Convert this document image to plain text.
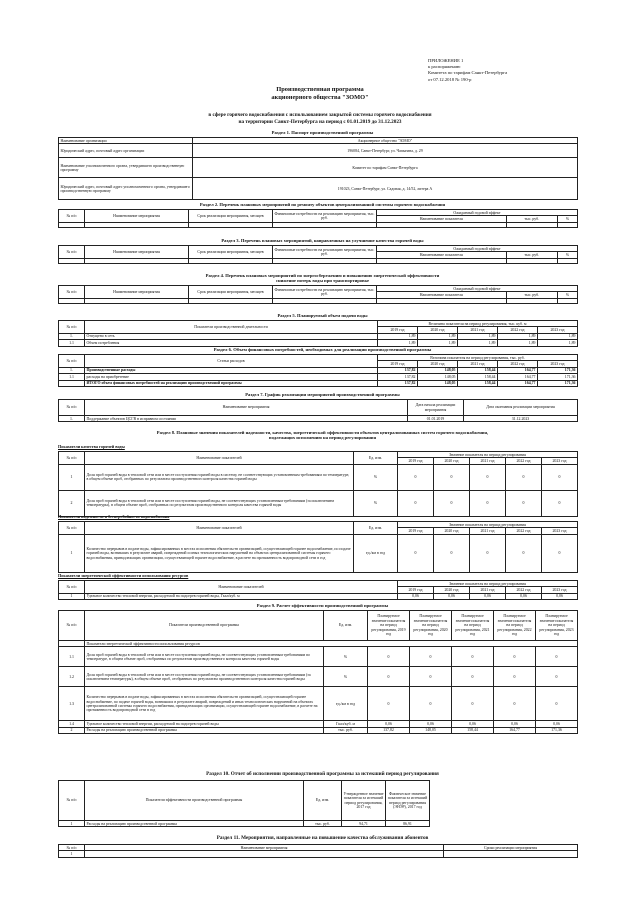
ПРИЛОЖЕНИЕ 1
к распоряжению
Комитета по тарифам Санкт-Петербурга
от 07.12.2018 № 190-р
Производственная программа
акционерного общества "ЗОМО"
в сфере горячего водоснабжения с использованием закрытой системы горячего водоснабжения
на территории Санкт-Петербурга на период с 01.01.2019 до 31.12.2023
Раздел 1. Паспорт производственной программы
Наименование организации	Акционерное общество "ЗОМО"
Юридический адрес, почтовый адрес организации	196084, Санкт-Петербург, ул. Чапыгина, д. 29
Наименование уполномоченного органа, утвердившего производственную программу	Комитет по тарифам Санкт-Петербурга
Юридический адрес, почтовый адрес уполномоченного органа, утвердившего производственную программу	191023, Санкт-Петербург, ул. Садовая, д. 14/52, литера А
Раздел 2. Перечень плановых мероприятий по ремонту объектов централизованной системы горячего водоснабжения
№ п/п	Наименование мероприятия	Срок реализации мероприятия, месяцев	Финансовые потребности на реализацию мероприятия, тыс. руб.	Ожидаемый годовой эффект		
				Наименование показателя	тыс. руб.	%

Раздел 3. Перечень плановых мероприятий, направленных на улучшение качества горячей воды
№ п/п	Наименование мероприятия	Срок реализации мероприятия, месяцев	Финансовые потребности на реализацию мероприятия, тыс. руб.	Ожидаемый годовой эффект		
				Наименование показателя	тыс. руб.	%

Раздел 4. Перечень плановых мероприятий по энергосбережению и повышению энергетической эффективности
снижение потерь воды при транспортировке
№ п/п	Наименование мероприятия	Срок реализации мероприятия, месяцев	Финансовые потребности на реализацию мероприятия, тыс. руб.	Ожидаемый годовой эффект		
				Наименование показателя	тыс. руб.	%

Раздел 5. Планируемый объем подачи воды
№ п/п	Показатели производственной деятельности	Величина показателя на период регулирования, тыс. куб. м				
		2019 год	2020 год	2021 год	2022 год	2023 год
1.	Отпущено в сеть	1,89	1,89	1,89	1,89	1,89
1.1	Объем потребления	1,89	1,89	1,89	1,89	1,89
Раздел 6. Объем финансовых потребностей, необходимых для реализации производственной программы
№ п/п	Статьи расходов	Величина показателя на период регулирования, тыс. руб.				
		2019 год	2020 год	2021 год	2022 год	2023 год
1.	Производственные расходы	137,82	148,05	158,44	164,77	171,36
1.1	расходы на приобретение	137,82	148,05	158,44	164,77	171,36
	ИТОГО объем финансовых потребностей на реализацию производственной программы	137,82	148,05	158,44	164,77	171,36
Раздел 7. График реализации мероприятий производственной программы
№ п/п	Наименование мероприятия	Дата начала реализации мероприятия	Дата окончания реализации мероприятия
1.	Поддержание объектов ЦСГВ в исправном состоянии	01.01.2019	31.12.2023
Раздел 8. Плановые значения показателей надежности, качества, энергетической эффективности объектов централизованных систем горячего водоснабжения,
подлежащих исполнению на период регулирования
Показатели качества горячей воды
№ п/п	Наименование показателей	Ед. изм.	Значение показателя на период регулирования				
			2019 год	2020 год	2021 год	2022 год	2023 год
1	Доля проб горячей воды в тепловой сети или в месте поступления горячей воды в систему, не соответствующих установленным требованиям по температуре, в общем объеме проб, отобранных по результатам производственного контроля качества горячей воды	%	0	0	0	0	0
2	Доля проб горячей воды в тепловой сети или в месте поступления горячей воды, не соответствующих установленным требованиям (за исключением температуры), в общем объеме проб, отобранных по результатам производственного контроля качества горячей воды	%	0	0	0	0	0
Показатели надежности и бесперебойности водоснабжения
№ п/п	Наименование показателей	Ед. изм.	Значение показателя на период регулирования				
			2019 год	2020 год	2021 год	2022 год	2023 год
1	Количество перерывов в подаче воды, зафиксированных в местах исполнения обязательств организацией, осуществляющей горячее водоснабжение, по подаче горячей воды, возникших в результате аварий, повреждений и иных технологических нарушений на объектах централизованной системы горячего водоснабжения, принадлежащих организации, осуществляющей горячее водоснабжение, в расчете на протяженность водопроводной сети в год	ед./км в год	0	0	0	0	0
Показатели энергетической эффективности использования ресурсов
№ п/п	Наименование показателей	Значение показателя на период регулирования				
		2019 год	2020 год	2021 год	2022 год	2023 год
1	Удельное количество тепловой энергии, расходуемой на подогрев горячей воды, Гкал/куб. м	0,06	0,06	0,06	0,06	0,06
Раздел 9. Расчет эффективности производственной программы
№ п/п	Показатели производственной программы	Ед. изм.	Планируемое значение показателя на период регулирования, 2019 год	Планируемое значение показателя на период регулирования, 2020 год	Планируемое значение показателя на период регулирования, 2021 год	Планируемое значение показателя на период регулирования, 2022 год	Планируемое значение показателя на период регулирования, 2023 год
	Показатели энергетической эффективности использования ресурсов						
1.1	Доля проб горячей воды в тепловой сети или в месте поступления горячей воды, не соответствующих установленным требованиям по температуре, в общем объеме проб, отобранных по результатам производственного контроля качества горячей воды	%	0	0	0	0	0
1.2	Доля проб горячей воды в тепловой сети или в месте поступления горячей воды, не соответствующих установленным требованиям (за исключением температуры), в общем объеме проб, отобранных по результатам производственного контроля качества горячей воды	%	0	0	0	0	0
1.3	Количество перерывов в подаче воды, зафиксированных в местах исполнения обязательств организацией, осуществляющей горячее водоснабжение, по подаче горячей воды, возникших в результате аварий, повреждений и иных технологических нарушений на объектах централизованной системы горячего водоснабжения, принадлежащих организации, осуществляющей горячее водоснабжение, в расчете на протяженность водопроводной сети в год	ед./км в год	0	0	0	0	0
1.4	Удельное количество тепловой энергии, расходуемой на подогрев горячей воды	Гкал/куб. м	0,06	0,06	0,06	0,06	0,06
2	Расходы на реализацию производственной программы	тыс. руб.	137,82	148,05	158,44	164,77	171,36
Раздел 10. Отчет об исполнении производственной программы за истекший период регулирования
№ п/п	Показатели эффективности производственной программы	Ед. изм.	Утвержденное значение показателя за истекший период регулирования, 2017 год	Фактическое значение показателя за истекший период регулирования (ЭНЭР), 2017 год
1	Расходы на реализацию производственной программы	тыс. руб.	94,71	86,91
Раздел 11. Мероприятия, направленные на повышение качества обслуживания абонентов
№ п/п	Наименование мероприятия	Сроки реализации мероприятия
1		
